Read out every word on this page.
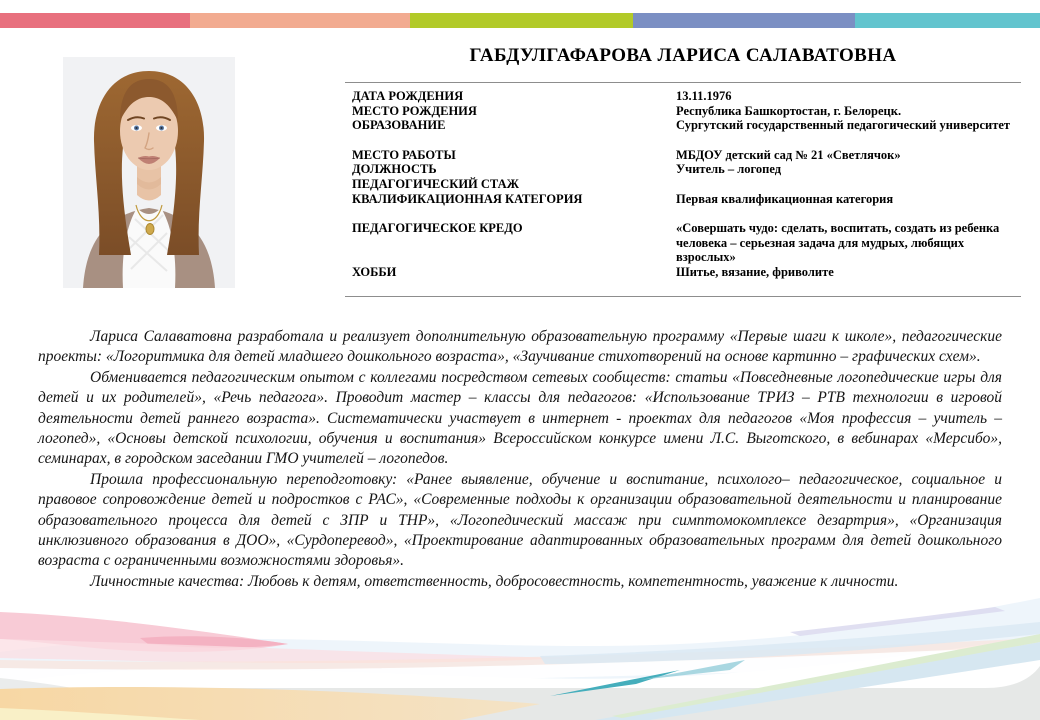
ГАБДУЛГАФАРОВА ЛАРИСА САЛАВАТОВНА
ДАТА РОЖДЕНИЯ	13.11.1976
МЕСТО РОЖДЕНИЯ	Республика Башкортостан, г. Белорецк.
ОБРАЗОВАНИЕ	Сургутский государственный педагогический университет
МЕСТО РАБОТЫ	МБДОУ детский сад № 21 «Светлячок»
ДОЛЖНОСТЬ	Учитель – логопед
ПЕДАГОГИЧЕСКИЙ СТАЖ
КВАЛИФИКАЦИОННАЯ КАТЕГОРИЯ	Первая квалификационная категория
ПЕДАГОГИЧЕСКОЕ КРЕДО	«Совершать чудо: сделать, воспитать, создать из ребенка человека – серьезная задача для мудрых, любящих взрослых»
ХОББИ	Шитье, вязание, фриволите

Лариса Салаватовна разработала и реализует дополнительную образовательную программу «Первые шаги к школе», педагогические проекты: «Логоритмика для детей младшего дошкольного возраста», «Заучивание стихотворений на основе картинно – графических схем».

Обменивается педагогическим опытом с коллегами посредством сетевых сообществ: статьи «Повседневные логопедические игры для детей и их родителей», «Речь педагога». Проводит мастер – классы для педагогов: «Использование ТРИЗ – РТВ технологии в игровой деятельности детей раннего возраста». Систематически участвует в интернет - проектах для педагогов «Моя профессия – учитель – логопед», «Основы детской психологии, обучения и воспитания» Всероссийском конкурсе имени Л.С. Выготского, в вебинарах «Мерсибо», семинарах, в городском заседании ГМО учителей – логопедов.

Прошла профессиональную переподготовку: «Ранее выявление, обучение и воспитание, психолого– педагогическое, социальное и правовое сопровождение детей и подростков с РАС», «Современные подходы к организации образовательной деятельности и планирование образовательного процесса для детей с ЗПР и ТНР», «Логопедический массаж при симптомокомплексе дезартрия», «Организация инклюзивного образования в ДОО», «Сурдоперевод», «Проектирование адаптированных образовательных программ для детей дошкольного возраста с ограниченными возможностями здоровья».

Личностные качества: Любовь к детям, ответственность, добросовестность, компетентность, уважение к личности.
